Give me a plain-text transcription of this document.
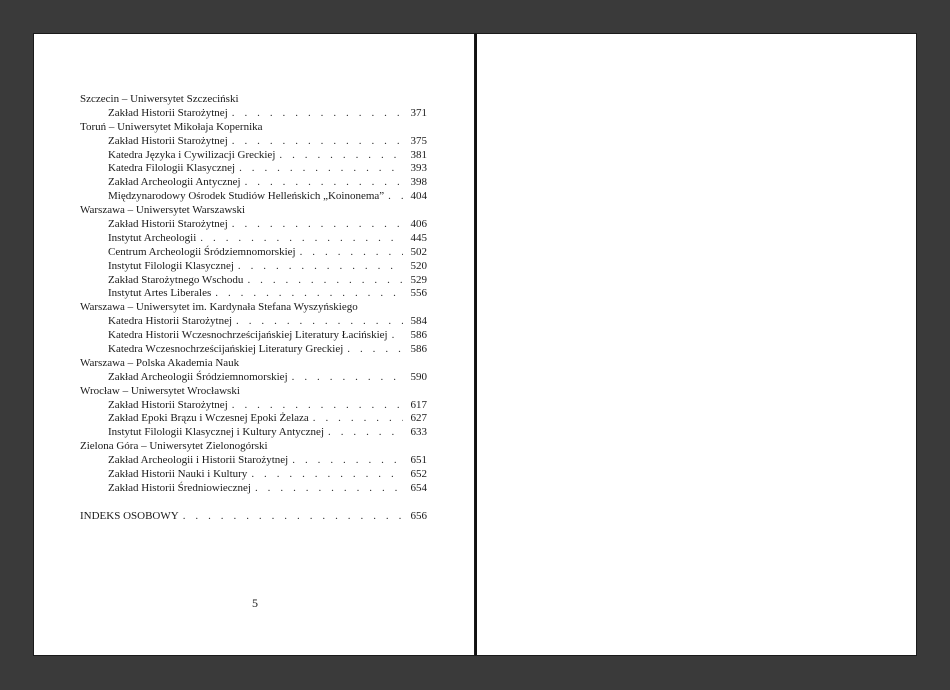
Szczecin – Uniwersytet Szczeciński
Zakład Historii Starożytnej . . .	371
Toruń – Uniwersytet Mikołaja Kopernika
Zakład Historii Starożytnej . . .	375
Katedra Języka i Cywilizacji Greckiej . . .	381
Katedra Filologii Klasycznej . . .	393
Zakład Archeologii Antycznej . . .	398
Międzynarodowy Ośrodek Studiów Helleńskich „Koinonema” . . .	404
Warszawa – Uniwersytet Warszawski
Zakład Historii Starożytnej . . .	406
Instytut Archeologii . . .	445
Centrum Archeologii Śródziemnomorskiej . . .	502
Instytut Filologii Klasycznej . . .	520
Zakład Starożytnego Wschodu . . .	529
Instytut Artes Liberales . . .	556
Warszawa – Uniwersytet im. Kardynała Stefana Wyszyńskiego
Katedra Historii Starożytnej . . .	584
Katedra Historii Wczesnochrześcijańskiej Literatury Łacińskiej . . .	586
Katedra Wczesnochrześcijańskiej Literatury Greckiej . . .	586
Warszawa – Polska Akademia Nauk
Zakład Archeologii Śródziemnomorskiej . . .	590
Wrocław – Uniwersytet Wrocławski
Zakład Historii Starożytnej . . .	617
Zakład Epoki Brązu i Wczesnej Epoki Żelaza . . .	627
Instytut Filologii Klasycznej i Kultury Antycznej . . .	633
Zielona Góra – Uniwersytet Zielonogórski
Zakład Archeologii i Historii Starożytnej . . .	651
Zakład Historii Nauki i Kultury . . .	652
Zakład Historii Średniowiecznej . . .	654
INDEKS OSOBOWY . . .	656
5
